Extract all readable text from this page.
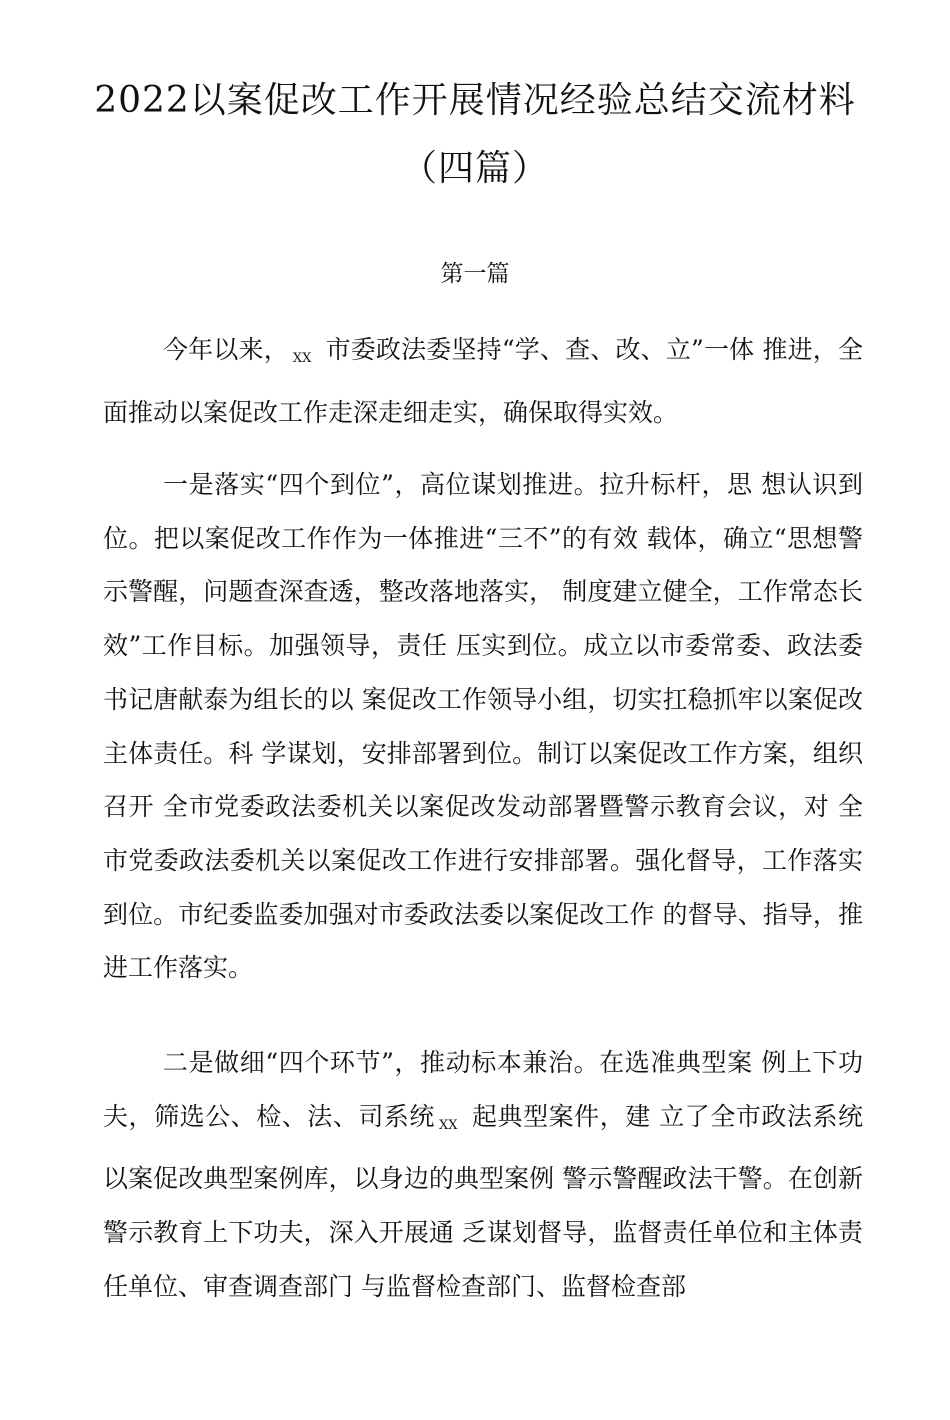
2022以案促改工作开展情况经验总结交流材料
（四篇）
第一篇

今年以来， XX 市委政法委坚持“学、查、改、立”一体 推进，全面推动以案促改工作走深走细走实，确保取得实效。

一是落实“四个到位”，高位谋划推进。拉升标杆，思 想认识到位。把以案促改工作作为一体推进“三不”的有效 载体，确立“思想警示警醒，问题查深查透，整改落地落实， 制度建立健全，工作常态长效”工作目标。加强领导，责任 压实到位。成立以市委常委、政法委书记唐献泰为组长的以 案促改工作领导小组，切实扛稳抓牢以案促改主体责任。科 学谋划，安排部署到位。制订以案促改工作方案，组织召开 全市党委政法委机关以案促改发动部署暨警示教育会议，对 全市党委政法委机关以案促改工作进行安排部署。强化督导，工作落实到位。市纪委监委加强对市委政法委以案促改工作 的督导、指导，推进工作落实。

二是做细“四个环节”，推动标本兼治。在选准典型案 例上下功夫，筛选公、检、法、司系统 XX 起典型案件，建 立了全市政法系统以案促改典型案例库，以身边的典型案例 警示警醒政法干警。在创新警示教育上下功夫，深入开展通 乏谋划督导，监督责任单位和主体责任单位、审查调查部门 与监督检查部门、监督检查部
